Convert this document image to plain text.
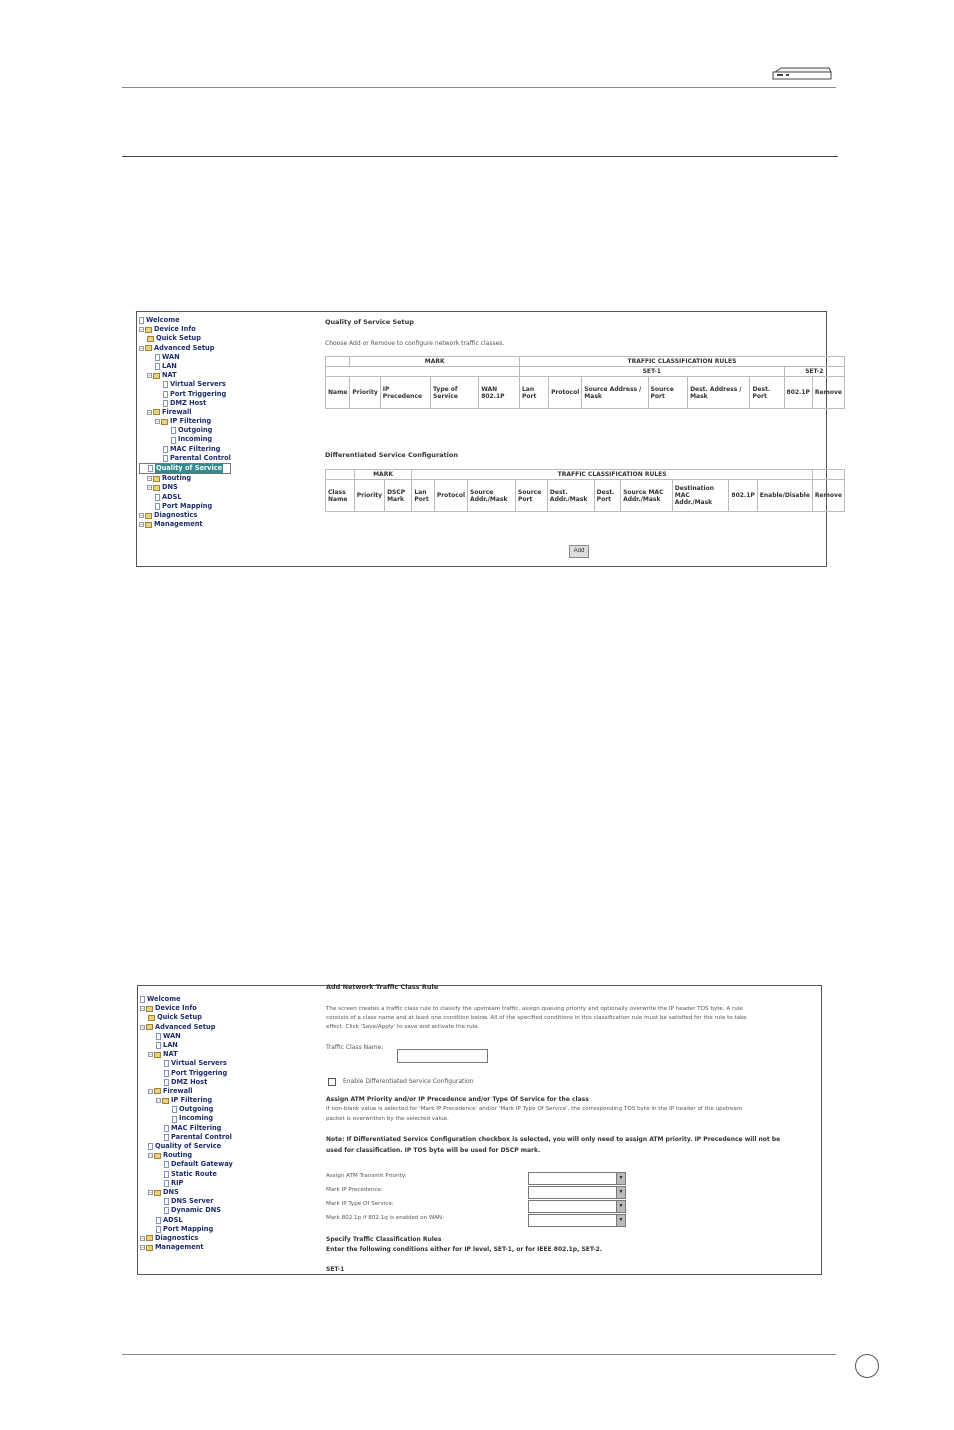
Welcome
− Device Info
Quick Setup
− Advanced Setup
WAN
LAN
− NAT
Virtual Servers
Port Triggering
DMZ Host
− Firewall
− IP Filtering
Outgoing
Incoming
MAC Filtering
Parental Control
Quality of Service
− Routing
− DNS
ADSL
Port Mapping
− Diagnostics
− Management
Quality of Service Setup
Choose Add or Remove to configure network traffic classes.
	MARK				TRAFFIC CLASSIFICATION RULES							
					SET-1						SET-2	
Name	Priority	IP Precedence	Type of Service	WAN 802.1P	Lan Port	Protocol	Source Address / Mask	Source Port	Dest. Address / Mask	Dest. Port	802.1P	Remove
Differentiated Service Configuration
	MARK		TRAFFIC CLASSIFICATION RULES										
Class Name	Priority	DSCP Mark	Lan Port	Protocol	Source Addr./Mask	Source Port	Dest. Addr./Mask	Dest. Port	Source MAC Addr./Mask	Destination MAC Addr./Mask	802.1P	Enable/Disable	Remove
Add
Welcome
− Device Info
Quick Setup
− Advanced Setup
WAN
LAN
− NAT
Virtual Servers
Port Triggering
DMZ Host
− Firewall
− IP Filtering
Outgoing
Incoming
MAC Filtering
Parental Control
Quality of Service
− Routing
Default Gateway
Static Route
RIP
− DNS
DNS Server
Dynamic DNS
ADSL
Port Mapping
− Diagnostics
− Management
Add Network Traffic Class Rule
The screen creates a traffic class rule to classify the upstream traffic, assign queuing priority and optionally overwrite the IP header TOS byte. A rule
consists of a class name and at least one condition below. All of the specified conditions in this classification rule must be satisfied for the rule to take
effect. Click 'Save/Apply' to save and activate the rule.
Traffic Class Name:
Enable Differentiated Service Configuration
Assign ATM Priority and/or IP Precedence and/or Type Of Service for the class
If non-blank value is selected for 'Mark IP Precedence' and/or 'Mark IP Type Of Service', the corresponding TOS byte in the IP header of the upstream
packet is overwritten by the selected value.
Note: If Differentiated Service Configuration checkbox is selected, you will only need to assign ATM priority. IP Precedence will not be
used for classification. IP TOS byte will be used for DSCP mark.
Assign ATM Transmit Priority:
Mark IP Precedence:
Mark IP Type Of Service:
Mark 802.1p if 802.1q is enabled on WAN:
Specify Traffic Classification Rules
Enter the following conditions either for IP level, SET-1, or for IEEE 802.1p, SET-2.
SET-1
▼
▼
▼
▼
